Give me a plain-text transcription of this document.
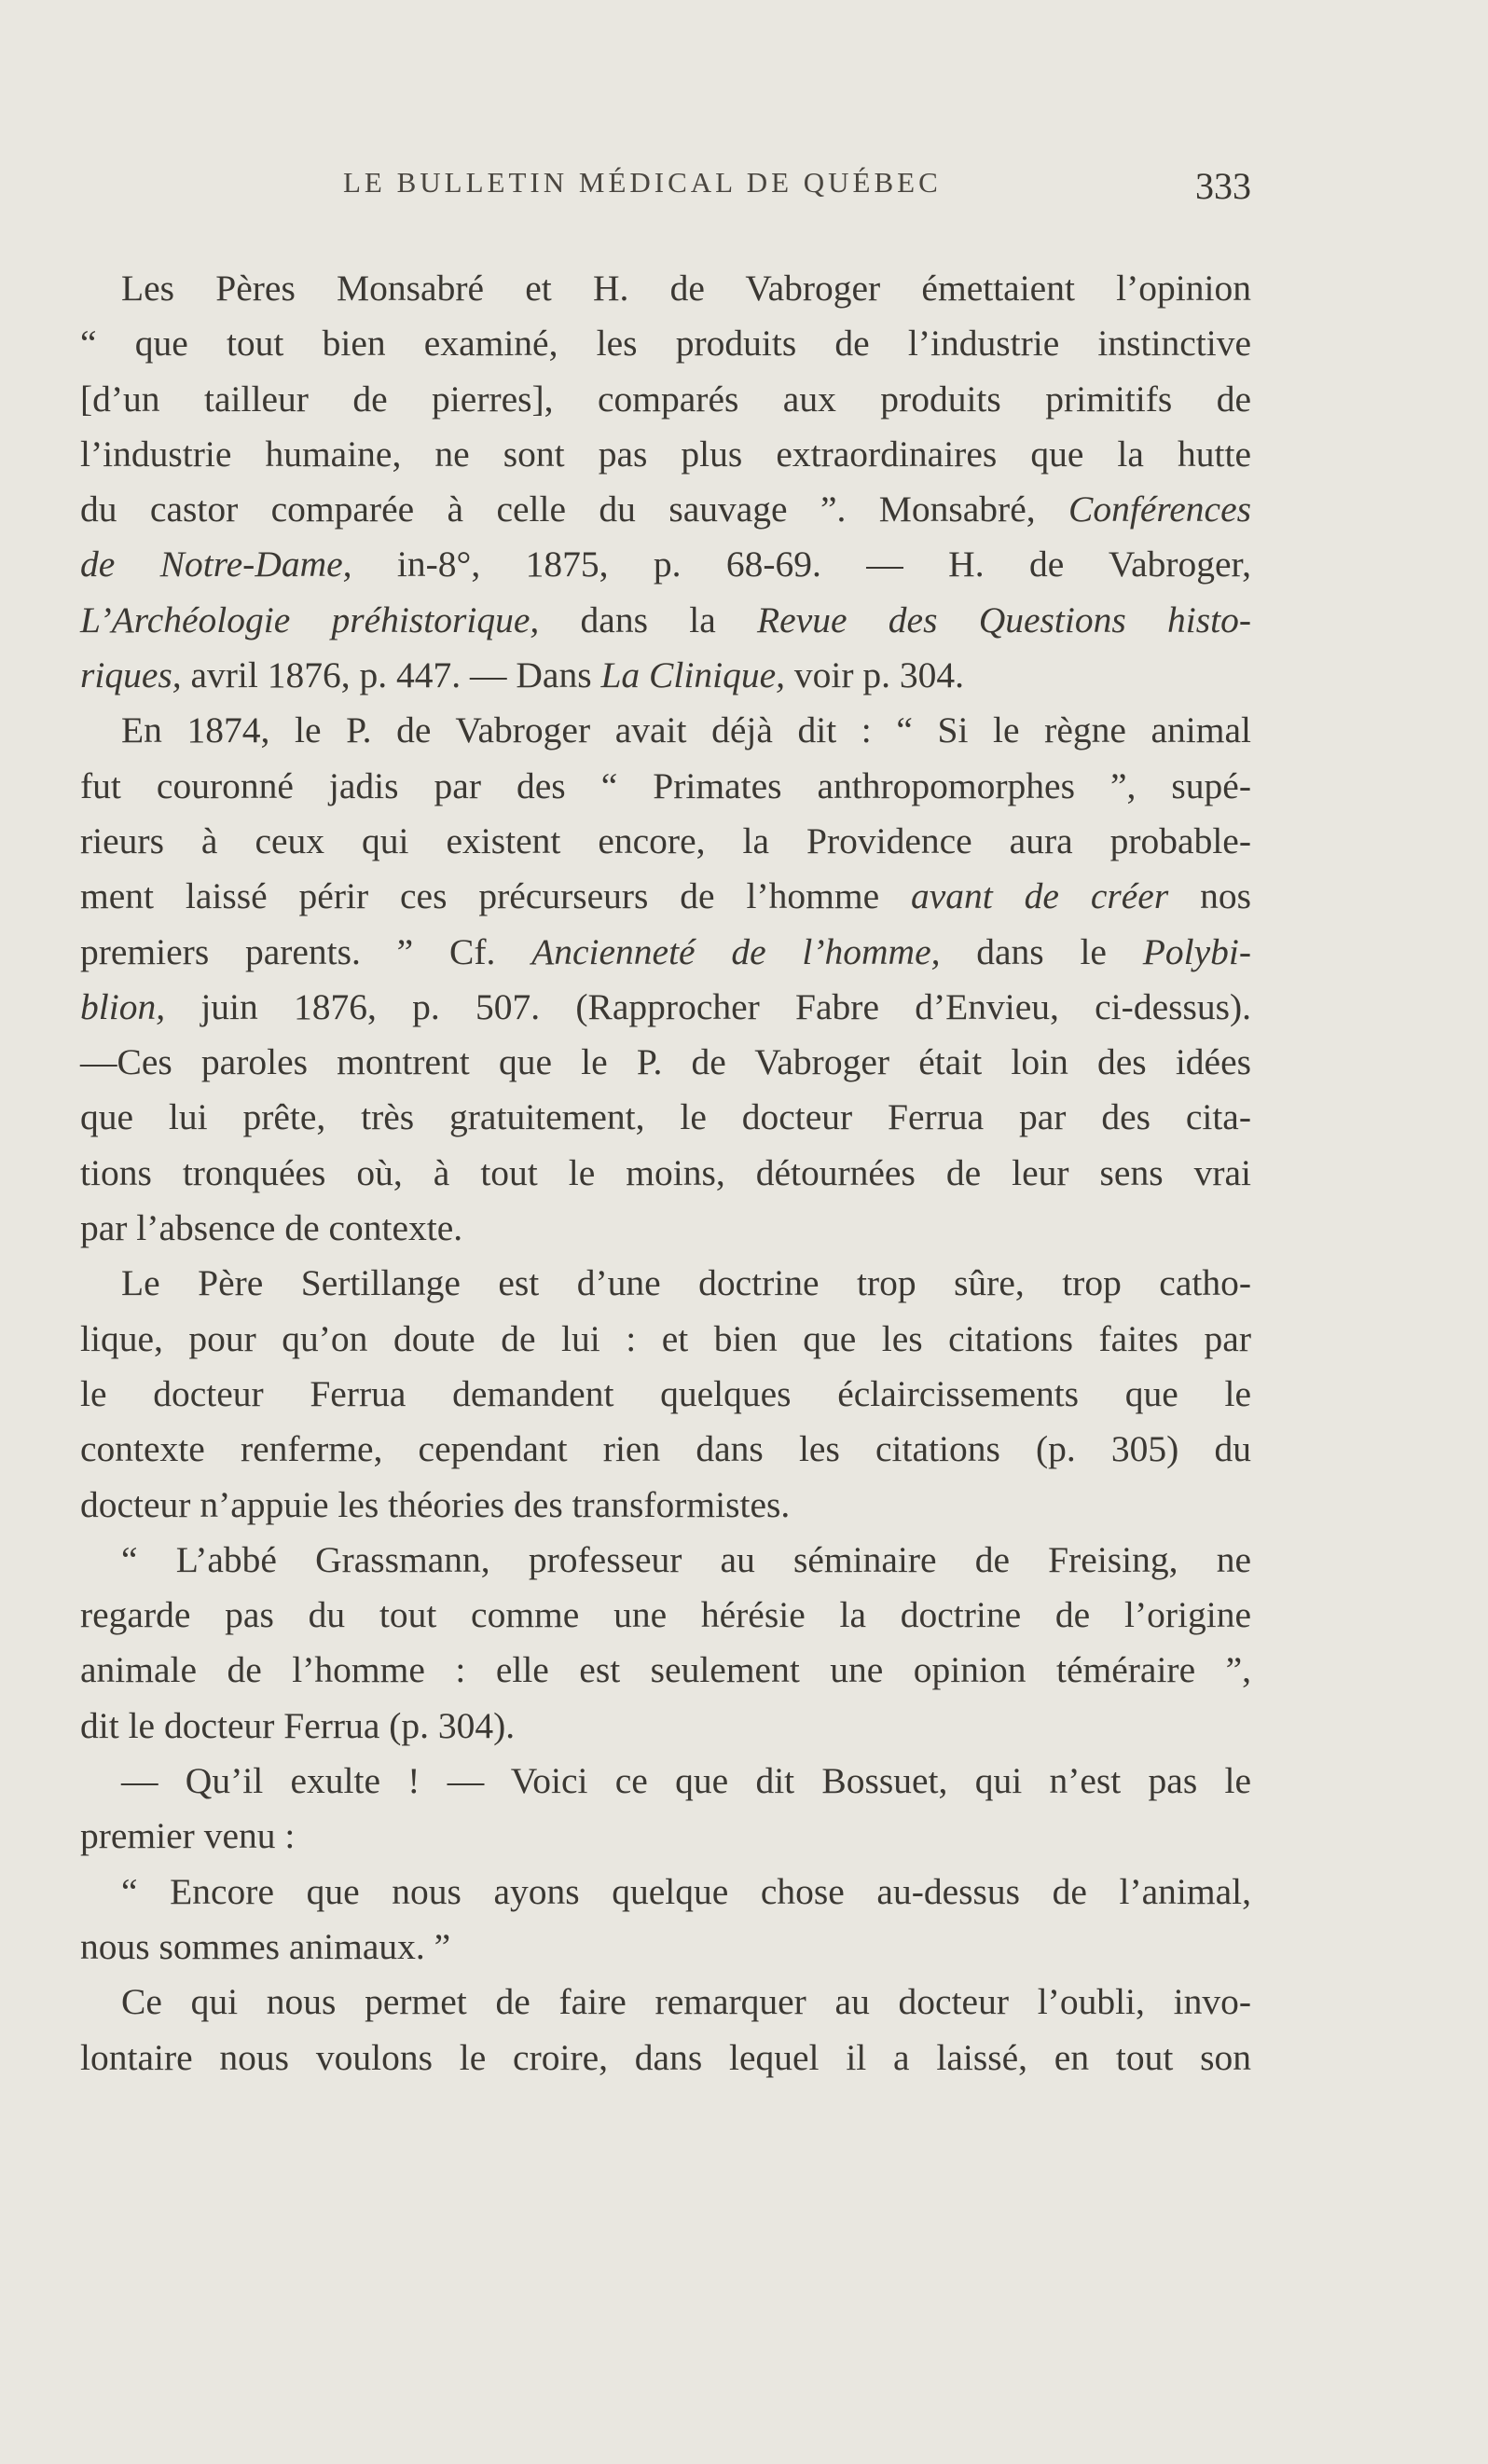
LE BULLETIN MÉDICAL DE QUÉBEC	333
Les Pères Monsabré et H. de Vabroger émettaient l’opinion
“ que tout bien examiné, les produits de l’industrie instinctive
[d’un tailleur de pierres], comparés aux produits primitifs de
l’industrie humaine, ne sont pas plus extraordinaires que la hutte
du castor comparée à celle du sauvage ”. Monsabré, Conférences
de Notre-Dame, in-8°, 1875, p. 68-69. — H. de Vabroger,
L’Archéologie préhistorique, dans la Revue des Questions histo-
riques, avril 1876, p. 447. — Dans La Clinique, voir p. 304.
En 1874, le P. de Vabroger avait déjà dit : “ Si le règne animal
fut couronné jadis par des “ Primates anthropomorphes ”, supé-
rieurs à ceux qui existent encore, la Providence aura probable-
ment laissé périr ces précurseurs de l’homme avant de créer nos
premiers parents. ” Cf. Ancienneté de l’homme, dans le Polybi-
blion, juin 1876, p. 507. (Rapprocher Fabre d’Envieu, ci-dessus).
—Ces paroles montrent que le P. de Vabroger était loin des idées
que lui prête, très gratuitement, le docteur Ferrua par des cita-
tions tronquées où, à tout le moins, détournées de leur sens vrai
par l’absence de contexte.
Le Père Sertillange est d’une doctrine trop sûre, trop catho-
lique, pour qu’on doute de lui : et bien que les citations faites par
le docteur Ferrua demandent quelques éclaircissements que le
contexte renferme, cependant rien dans les citations (p. 305) du
docteur n’appuie les théories des transformistes.
“ L’abbé Grassmann, professeur au séminaire de Freising, ne
regarde pas du tout comme une hérésie la doctrine de l’origine
animale de l’homme : elle est seulement une opinion téméraire ”,
dit le docteur Ferrua (p. 304).
— Qu’il exulte ! — Voici ce que dit Bossuet, qui n’est pas le
premier venu :
“ Encore que nous ayons quelque chose au-dessus de l’animal,
nous sommes animaux. ”
Ce qui nous permet de faire remarquer au docteur l’oubli, invo-
lontaire nous voulons le croire, dans lequel il a laissé, en tout son
